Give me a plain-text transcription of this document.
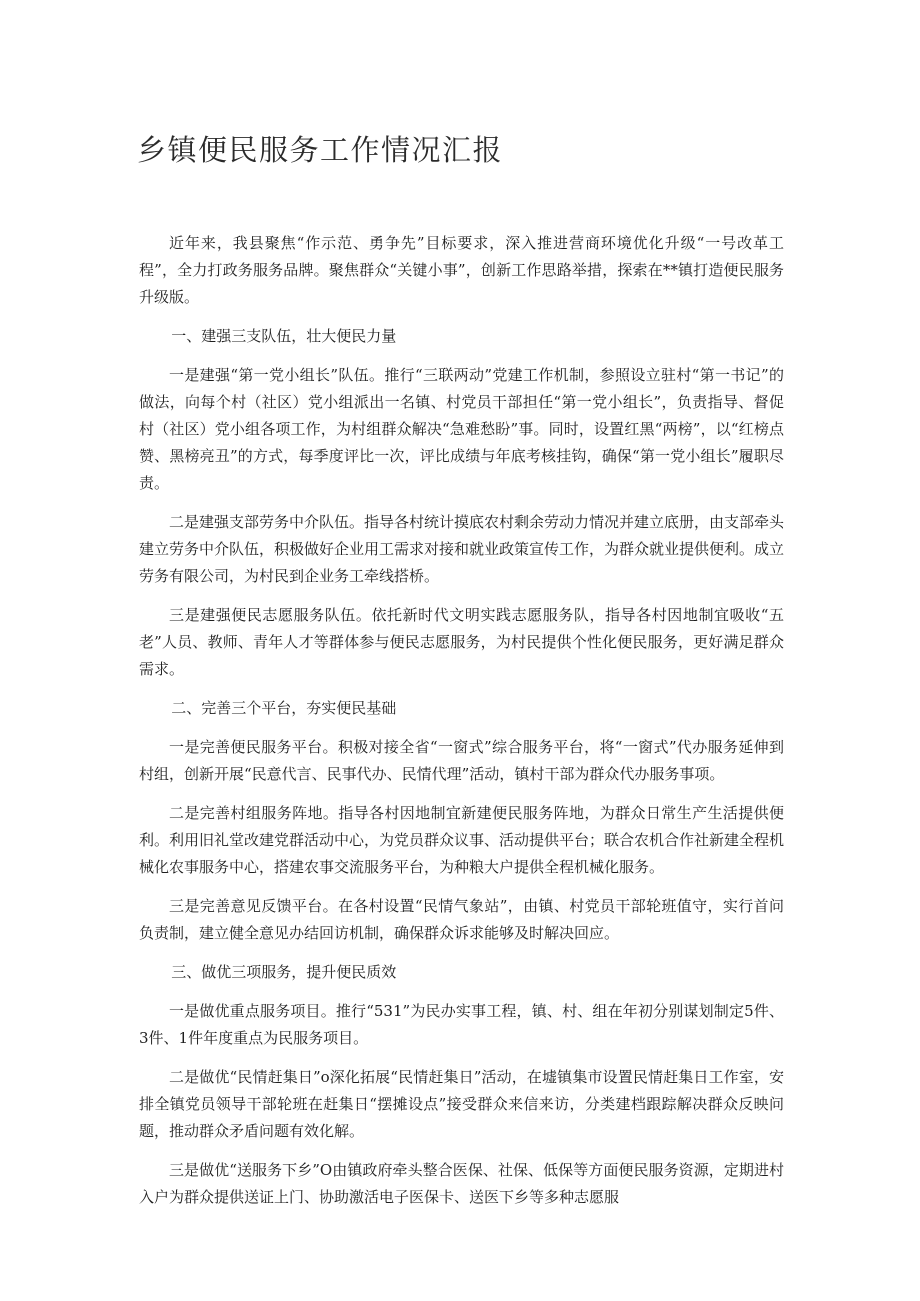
乡镇便民服务工作情况汇报

近年来，我县聚焦“作示范、勇争先”目标要求，深入推进营商环境优化升级“一号改革工程”，全力打政务服务品牌。聚焦群众“关键小事”，创新工作思路举措，探索在**镇打造便民服务升级版。

一、建强三支队伍，壮大便民力量

一是建强“第一党小组长”队伍。推行“三联两动”党建工作机制，参照设立驻村“第一书记”的做法，向每个村（社区）党小组派出一名镇、村党员干部担任“第一党小组长”，负责指导、督促村（社区）党小组各项工作，为村组群众解决“急难愁盼”事。同时，设置红黑“两榜”，以“红榜点赞、黑榜亮丑”的方式，每季度评比一次，评比成绩与年底考核挂钩，确保“第一党小组长”履职尽责。

二是建强支部劳务中介队伍。指导各村统计摸底农村剩余劳动力情况并建立底册，由支部牵头建立劳务中介队伍，积极做好企业用工需求对接和就业政策宣传工作，为群众就业提供便利。成立劳务有限公司，为村民到企业务工牵线搭桥。

三是建强便民志愿服务队伍。依托新时代文明实践志愿服务队，指导各村因地制宜吸收“五老”人员、教师、青年人才等群体参与便民志愿服务，为村民提供个性化便民服务，更好满足群众需求。

二、完善三个平台，夯实便民基础

一是完善便民服务平台。积极对接全省“一窗式”综合服务平台，将“一窗式”代办服务延伸到村组，创新开展“民意代言、民事代办、民情代理”活动，镇村干部为群众代办服务事项。

二是完善村组服务阵地。指导各村因地制宜新建便民服务阵地，为群众日常生产生活提供便利。利用旧礼堂改建党群活动中心，为党员群众议事、活动提供平台；联合农机合作社新建全程机械化农事服务中心，搭建农事交流服务平台，为种粮大户提供全程机械化服务。

三是完善意见反馈平台。在各村设置“民情气象站”，由镇、村党员干部轮班值守，实行首问负责制，建立健全意见办结回访机制，确保群众诉求能够及时解决回应。

三、做优三项服务，提升便民质效

一是做优重点服务项目。推行“531”为民办实事工程，镇、村、组在年初分别谋划制定5件、3件、1件年度重点为民服务项目。

二是做优“民情赶集日”o深化拓展“民情赶集日”活动，在墟镇集市设置民情赶集日工作室，安排全镇党员领导干部轮班在赶集日“摆摊设点”接受群众来信来访，分类建档跟踪解决群众反映问题，推动群众矛盾问题有效化解。

三是做优“送服务下乡”O由镇政府牵头整合医保、社保、低保等方面便民服务资源，定期进村入户为群众提供送证上门、协助激活电子医保卡、送医下乡等多种志愿服
